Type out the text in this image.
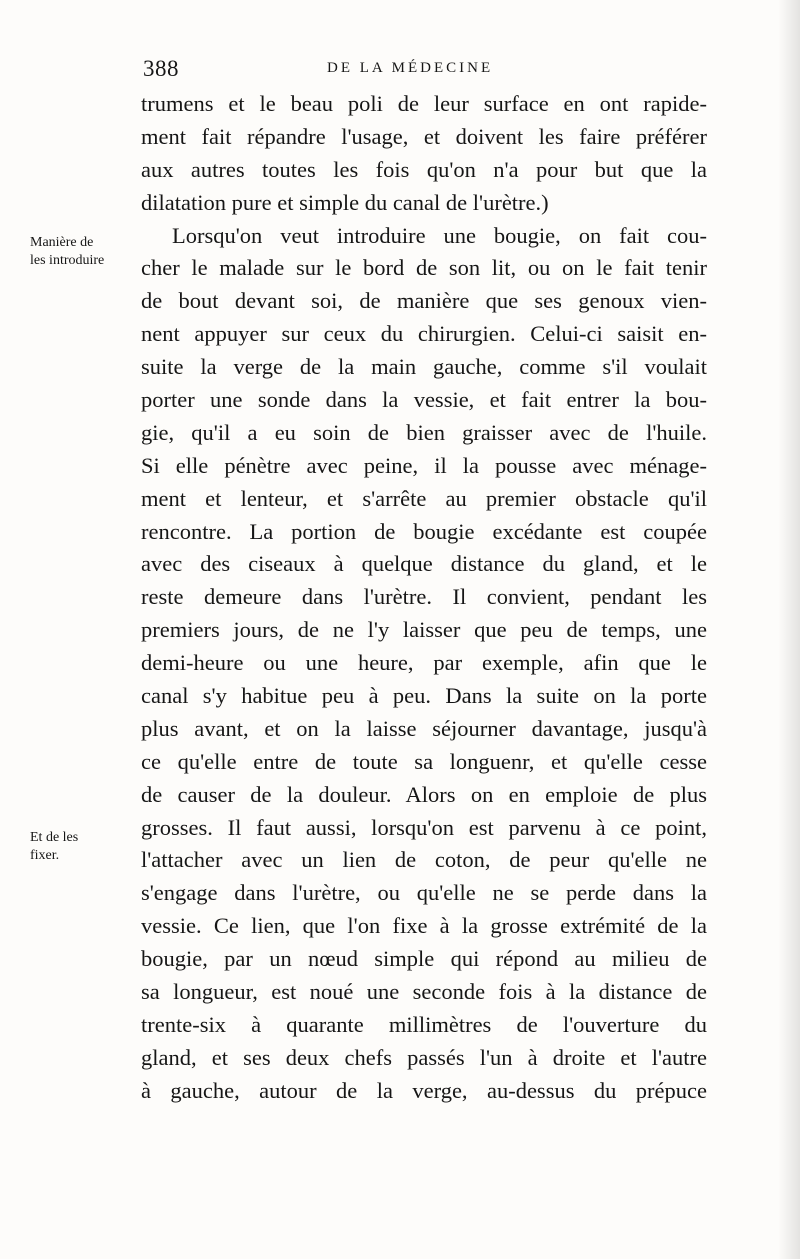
388	DE LA MÉDECINE
Manière de
les introduire
Et de les
fixer.
trumens et le beau poli de leur surface en ont rapide-
ment fait répandre l'usage, et doivent les faire préférer
aux autres toutes les fois qu'on n'a pour but que la
dilatation pure et simple du canal de l'urètre.)
Lorsqu'on veut introduire une bougie, on fait cou-
cher le malade sur le bord de son lit, ou on le fait tenir
de bout devant soi, de manière que ses genoux vien-
nent appuyer sur ceux du chirurgien. Celui-ci saisit en-
suite la verge de la main gauche, comme s'il voulait
porter une sonde dans la vessie, et fait entrer la bou-
gie, qu'il a eu soin de bien graisser avec de l'huile.
Si elle pénètre avec peine, il la pousse avec ménage-
ment et lenteur, et s'arrête au premier obstacle qu'il
rencontre. La portion de bougie excédante est coupée
avec des ciseaux à quelque distance du gland, et le
reste demeure dans l'urètre. Il convient, pendant les
premiers jours, de ne l'y laisser que peu de temps, une
demi-heure ou une heure, par exemple, afin que le
canal s'y habitue peu à peu. Dans la suite on la porte
plus avant, et on la laisse séjourner davantage, jusqu'à
ce qu'elle entre de toute sa longuenr, et qu'elle cesse
de causer de la douleur. Alors on en emploie de plus
grosses. Il faut aussi, lorsqu'on est parvenu à ce point,
l'attacher avec un lien de coton, de peur qu'elle ne
s'engage dans l'urètre, ou qu'elle ne se perde dans la
vessie. Ce lien, que l'on fixe à la grosse extrémité de la
bougie, par un nœud simple qui répond au milieu de
sa longueur, est noué une seconde fois à la distance de
trente-six à quarante millimètres de l'ouverture du
gland, et ses deux chefs passés l'un à droite et l'autre
à gauche, autour de la verge, au-dessus du prépuce
